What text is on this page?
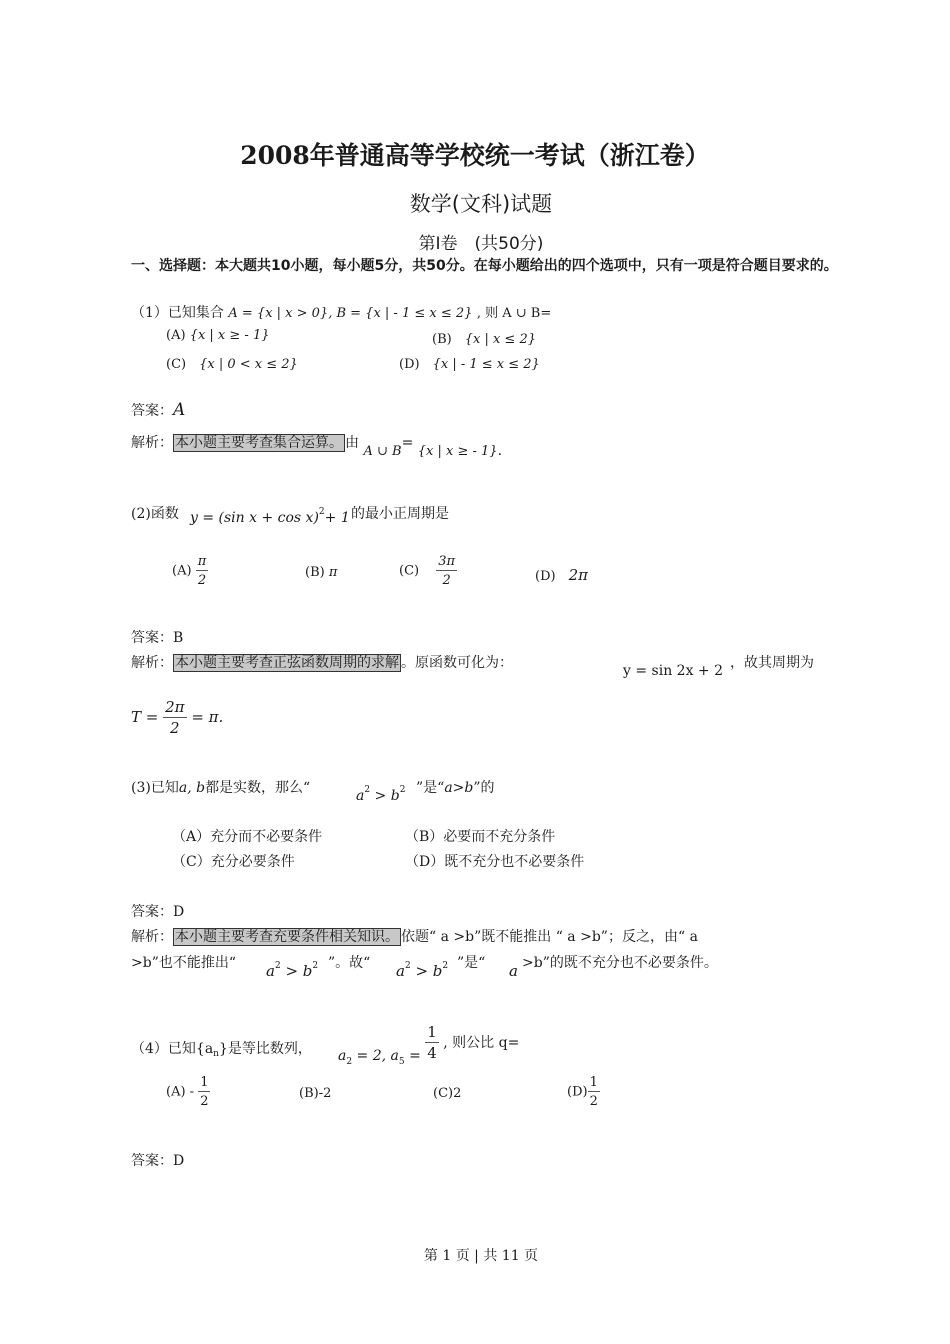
2008年普通高等学校统一考试（浙江卷）
数学(文科)试题
第Ⅰ卷　(共50分)
一、选择题：本大题共10小题，每小题5分，共50分。在每小题给出的四个选项中，只有一项是符合题目要求的。
（1）已知集合 A = {x | x > 0}, B = {x | - 1 ≤ x ≤ 2} , 则 A ∪ B=
(A) {x | x ≥ - 1}	(B)　 {x | x ≤ 2}
(C)　 {x | 0 < x ≤ 2}	(D)　 {x | - 1 ≤ x ≤ 2}
答案：A
解析： 本小题主要考查集合运算。 由 A ∪ B= {x | x ≥ - 1}.
(2)函数 y = (sin x + cos x)$^2$+ 1 的最小正周期是
$(A) \frac{\pi}{2}$	(B) π	(C)　 $\frac{3\pi}{2}$	(D)　 2π
答案：B
解析： 本小题主要考查正弦函数周期的求解 。原函数可化为：	y = sin 2x + 2 ，故其周期为
$T = \frac{2\pi}{2} = \pi$.
(3)已知a, b都是实数，那么“	$a^2 > b^2$ ”是“a>b”的
（A）充分而不必要条件	（B）必要而不充分条件
（C）充分必要条件	（D）既不充分也不必要条件
答案：D
解析： 本小题主要考查充要条件相关知识。 依题“ a >b”既不能推出 “ a >b”；反之，由“ a
>b”也不能推出“ $a^2 > b^2$ ”。故“ $a^2 > b^2$ ”是“ a >b”的既不充分也不必要条件。
（4）已知$\{a_n\}$是等比数列， $a_2 = 2$, $a_5 = \frac{1}{4}$ , 则公比 q=
$(A) - \frac{1}{2}$	(B)-2	(C)2	$(D) \frac{1}{2}$
答案：D
第 1 页 | 共 11 页
